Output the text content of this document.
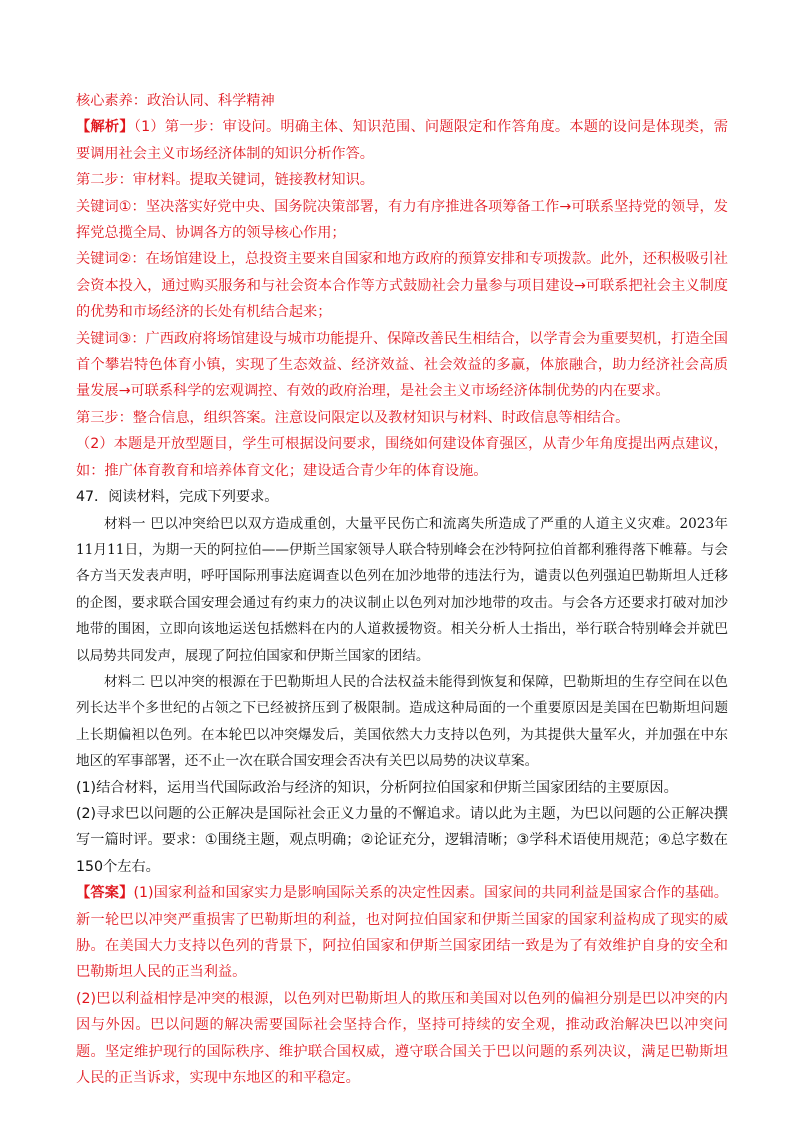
核心素养：政治认同、科学精神

【解析】（1）第一步：审设问。明确主体、知识范围、问题限定和作答角度。本题的设问是体现类，需要调用社会主义市场经济体制的知识分析作答。

第二步：审材料。提取关键词，链接教材知识。

关键词①：坚决落实好党中央、国务院决策部署，有力有序推进各项筹备工作→可联系坚持党的领导，发挥党总揽全局、协调各方的领导核心作用；

关键词②：在场馆建设上，总投资主要来自国家和地方政府的预算安排和专项拨款。此外，还积极吸引社会资本投入，通过购买服务和与社会资本合作等方式鼓励社会力量参与项目建设→可联系把社会主义制度的优势和市场经济的长处有机结合起来；

关键词③：广西政府将场馆建设与城市功能提升、保障改善民生相结合，以学青会为重要契机，打造全国首个攀岩特色体育小镇，实现了生态效益、经济效益、社会效益的多赢，体旅融合，助力经济社会高质量发展→可联系科学的宏观调控、有效的政府治理，是社会主义市场经济体制优势的内在要求。

第三步：整合信息，组织答案。注意设问限定以及教材知识与材料、时政信息等相结合。

（2）本题是开放型题目，学生可根据设问要求，围绕如何建设体育强区，从青少年角度提出两点建议，如：推广体育教育和培养体育文化；建设适合青少年的体育设施。

47．阅读材料，完成下列要求。

材料一 巴以冲突给巴以双方造成重创，大量平民伤亡和流离失所造成了严重的人道主义灾难。2023年11月11日，为期一天的阿拉伯——伊斯兰国家领导人联合特别峰会在沙特阿拉伯首都利雅得落下帷幕。与会各方当天发表声明，呼吁国际刑事法庭调查以色列在加沙地带的违法行为，谴责以色列强迫巴勒斯坦人迁移的企图，要求联合国安理会通过有约束力的决议制止以色列对加沙地带的攻击。与会各方还要求打破对加沙地带的围困，立即向该地运送包括燃料在内的人道救援物资。相关分析人士指出，举行联合特别峰会并就巴以局势共同发声，展现了阿拉伯国家和伊斯兰国家的团结。

材料二 巴以冲突的根源在于巴勒斯坦人民的合法权益未能得到恢复和保障，巴勒斯坦的生存空间在以色列长达半个多世纪的占领之下已经被挤压到了极限制。造成这种局面的一个重要原因是美国在巴勒斯坦问题上长期偏袒以色列。在本轮巴以冲突爆发后，美国依然大力支持以色列，为其提供大量军火，并加强在中东地区的军事部署，还不止一次在联合国安理会否决有关巴以局势的决议草案。

(1)结合材料，运用当代国际政治与经济的知识，分析阿拉伯国家和伊斯兰国家团结的主要原因。

(2)寻求巴以问题的公正解决是国际社会正义力量的不懈追求。请以此为主题，为巴以问题的公正解决撰写一篇时评。要求：①围绕主题，观点明确；②论证充分，逻辑清晰；③学科术语使用规范；④总字数在150个左右。

【答案】(1)国家利益和国家实力是影响国际关系的决定性因素。国家间的共同利益是国家合作的基础。新一轮巴以冲突严重损害了巴勒斯坦的利益，也对阿拉伯国家和伊斯兰国家的国家利益构成了现实的威胁。在美国大力支持以色列的背景下，阿拉伯国家和伊斯兰国家团结一致是为了有效维护自身的安全和巴勒斯坦人民的正当利益。

(2)巴以利益相悖是冲突的根源，以色列对巴勒斯坦人的欺压和美国对以色列的偏袒分别是巴以冲突的内因与外因。巴以问题的解决需要国际社会坚持合作，坚持可持续的安全观，推动政治解决巴以冲突问题。坚定维护现行的国际秩序、维护联合国权威，遵守联合国关于巴以问题的系列决议，满足巴勒斯坦人民的正当诉求，实现中东地区的和平稳定。
